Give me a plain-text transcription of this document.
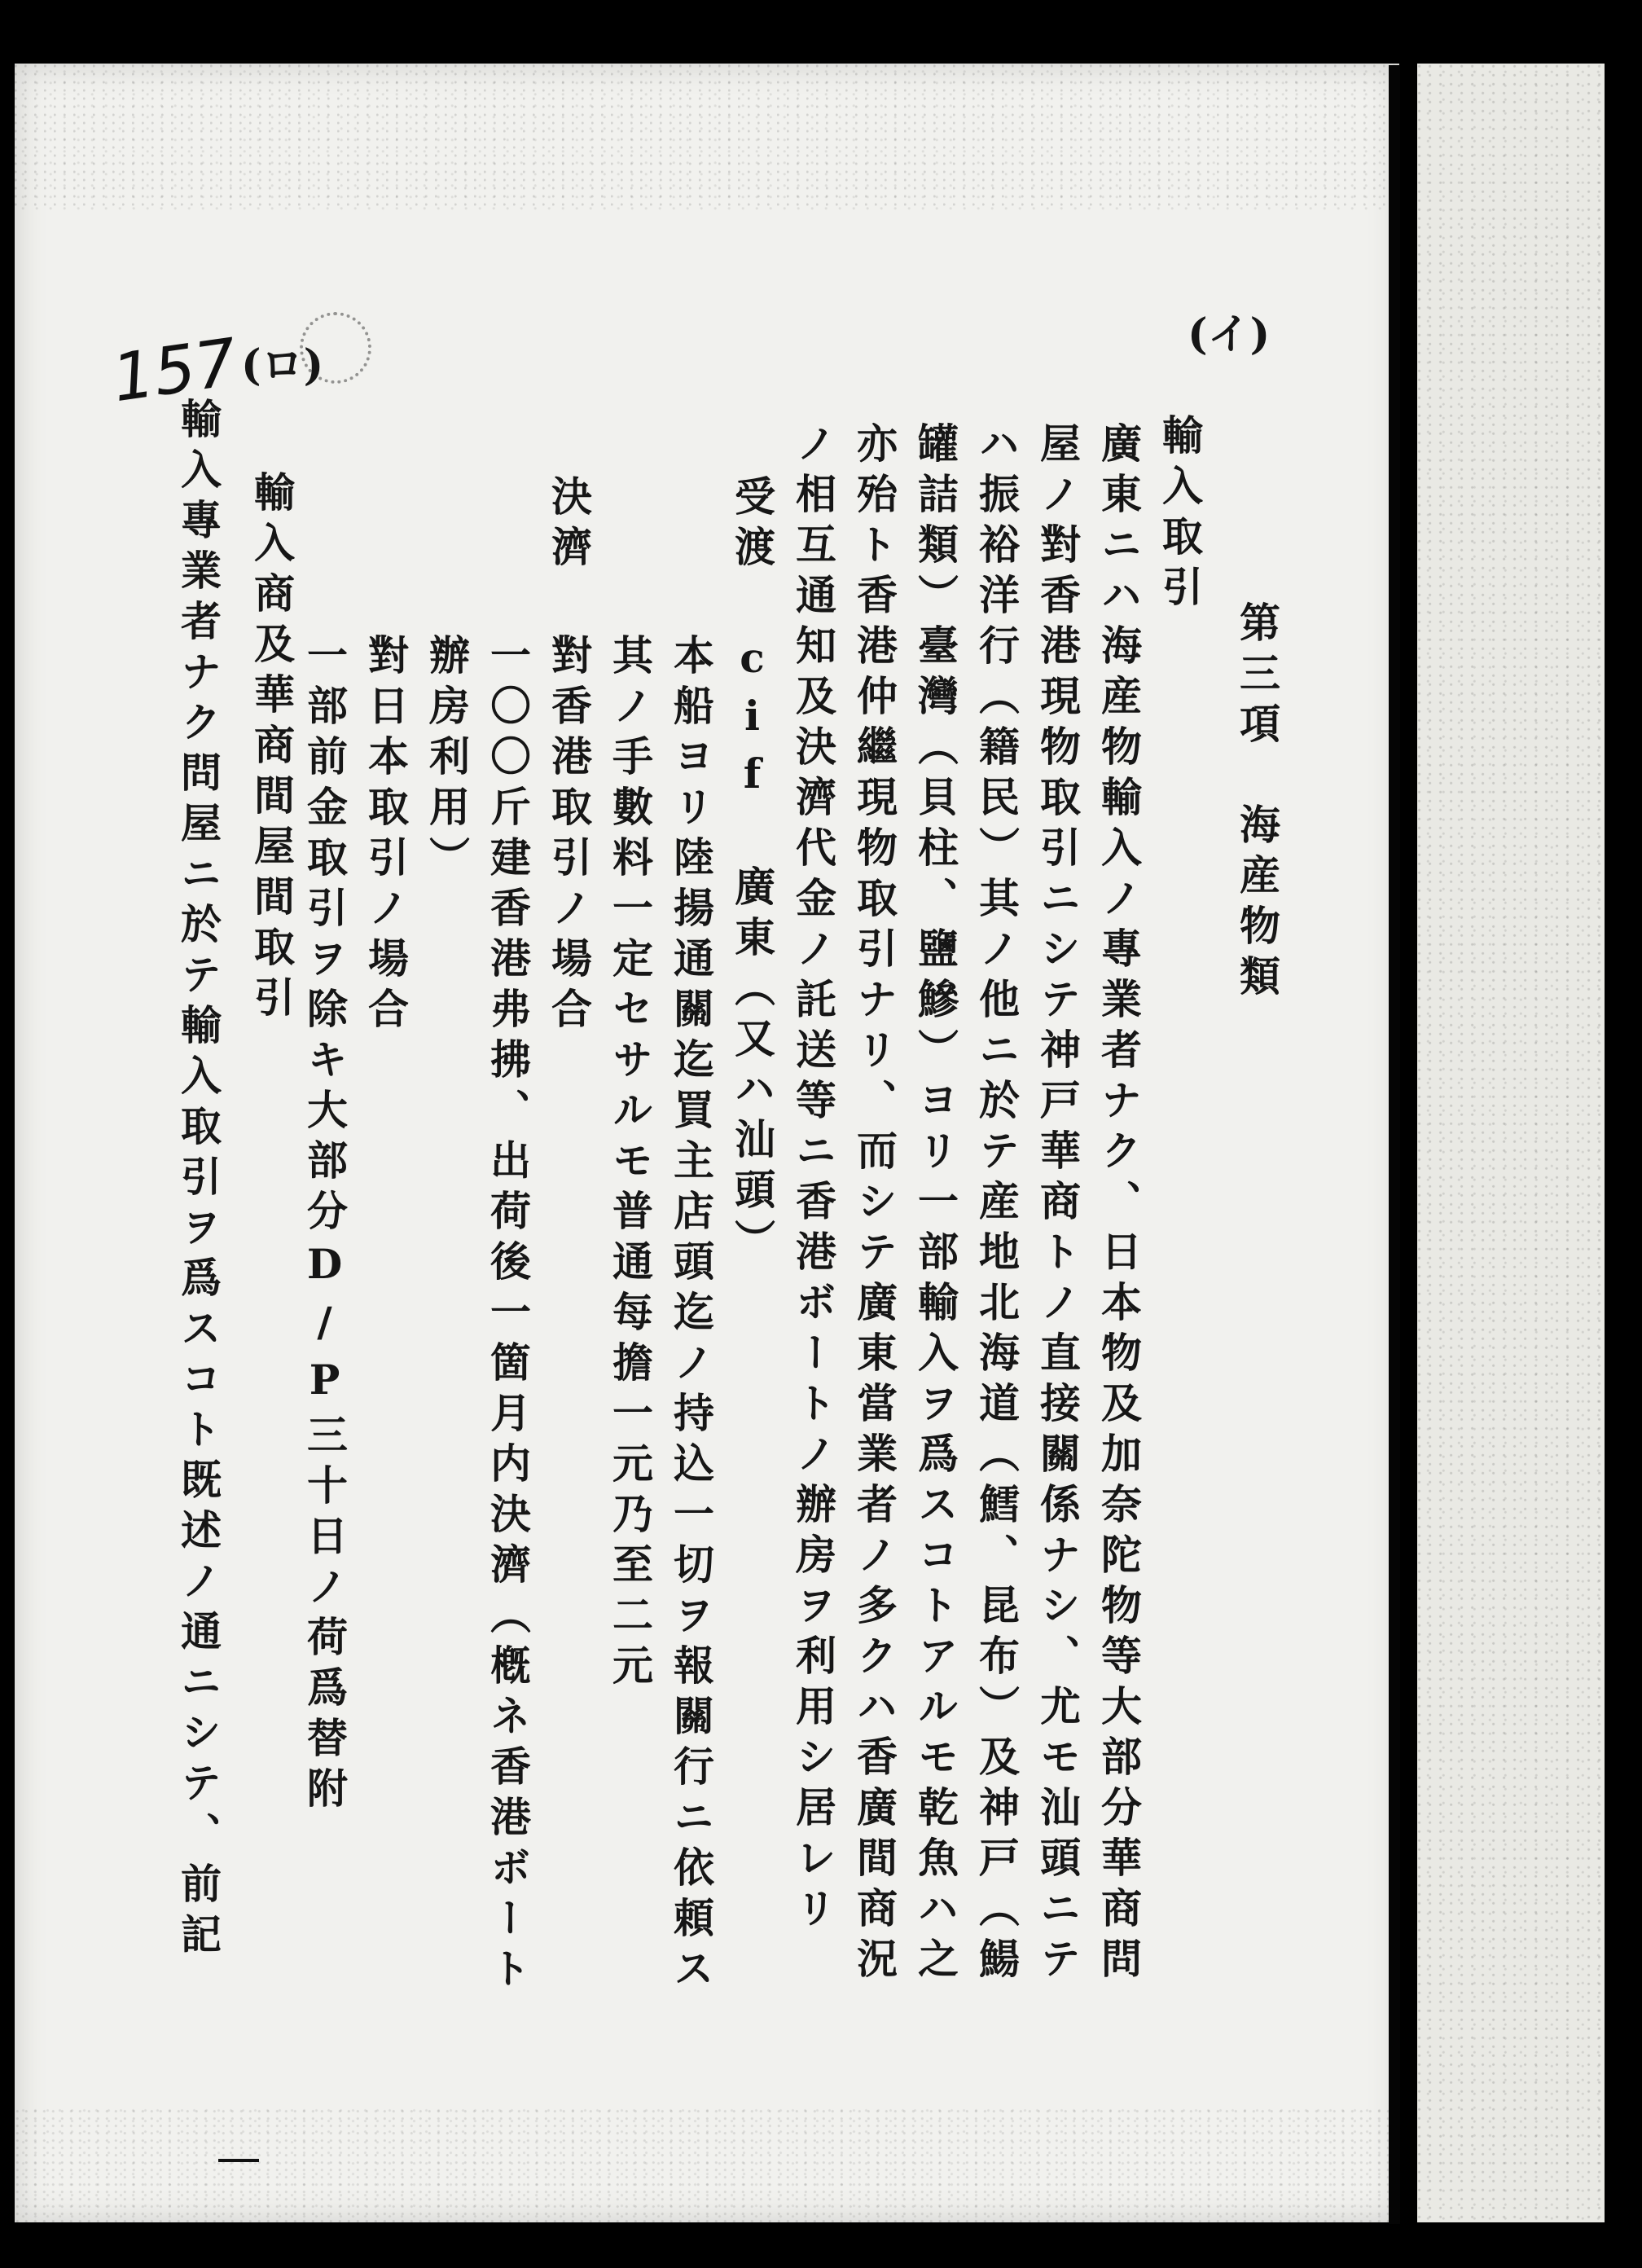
157	(イ)
(ロ)
第三項　海産物類
輸入取引
廣東ニハ海産物輸入ノ專業者ナク、日本物及加奈陀物等大部分華商問
屋ノ對香港現物取引ニシテ神戸華商トノ直接關係ナシ、尤モ汕頭ニテ
ハ振裕洋行（籍民）其ノ他ニ於テ産地北海道（鱈、昆布）及神戸（鰑
罐詰類）臺灣（貝柱、鹽鰺）ヨリ一部輸入ヲ爲スコトアルモ乾魚ハ之
亦殆ト香港仲繼現物取引ナリ、而シテ廣東當業者ノ多クハ香廣間商況
ノ相互通知及決濟代金ノ託送等ニ香港ボートノ辦房ヲ利用シ居レリ
受渡
cif 廣東（又ハ汕頭）
本船ヨリ陸揚通關迄買主店頭迄ノ持込一切ヲ報關行ニ依頼ス
其ノ手數料一定セサルモ普通每擔一元乃至二元
決濟
對香港取引ノ場合
一〇〇斤建香港弗拂、出荷後一箇月内決濟（槪ネ香港ボート
辦房利用）
對日本取引ノ場合
一部前金取引ヲ除キ大部分D/P三十日ノ荷爲替附
輸入商及華商間屋間取引
輸入專業者ナク問屋ニ於テ輸入取引ヲ爲スコト既述ノ通ニシテ、前記
